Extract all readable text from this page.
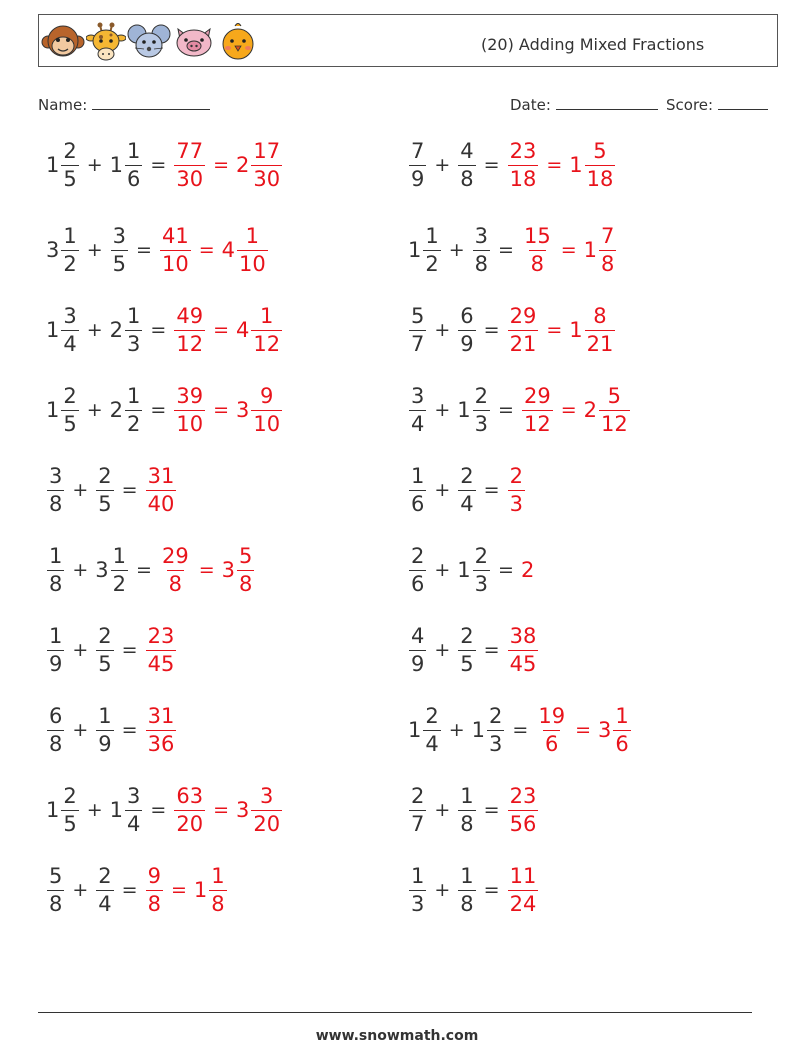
(20) Adding Mixed Fractions
Name:	Date:	Score:
$1 \frac{2}{5} + 1 \frac{1}{6} = \frac{77}{30} = 2 \frac{17}{30}$	$\frac{7}{9} + \frac{4}{8} = \frac{23}{18} = 1 \frac{5}{18}$
$3 \frac{1}{2} + \frac{3}{5} = \frac{41}{10} = 4 \frac{1}{10}$	$1 \frac{1}{2} + \frac{3}{8} = \frac{15}{8} = 1 \frac{7}{8}$
$1 \frac{3}{4} + 2 \frac{1}{3} = \frac{49}{12} = 4 \frac{1}{12}$	$\frac{5}{7} + \frac{6}{9} = \frac{29}{21} = 1 \frac{8}{21}$
$1 \frac{2}{5} + 2 \frac{1}{2} = \frac{39}{10} = 3 \frac{9}{10}$	$\frac{3}{4} + 1 \frac{2}{3} = \frac{29}{12} = 2 \frac{5}{12}$
$\frac{3}{8} + \frac{2}{5} = \frac{31}{40}$	$\frac{1}{6} + \frac{2}{4} = \frac{2}{3}$
$\frac{1}{8} + 3 \frac{1}{2} = \frac{29}{8} = 3 \frac{5}{8}$	$\frac{2}{6} + 1 \frac{2}{3} = 2$
$\frac{1}{9} + \frac{2}{5} = \frac{23}{45}$	$\frac{4}{9} + \frac{2}{5} = \frac{38}{45}$
$\frac{6}{8} + \frac{1}{9} = \frac{31}{36}$	$1 \frac{2}{4} + 1 \frac{2}{3} = \frac{19}{6} = 3 \frac{1}{6}$
$1 \frac{2}{5} + 1 \frac{3}{4} = \frac{63}{20} = 3 \frac{3}{20}$	$\frac{2}{7} + \frac{1}{8} = \frac{23}{56}$
$\frac{5}{8} + \frac{2}{4} = \frac{9}{8} = 1 \frac{1}{8}$	$\frac{1}{3} + \frac{1}{8} = \frac{11}{24}$
www.snowmath.com
